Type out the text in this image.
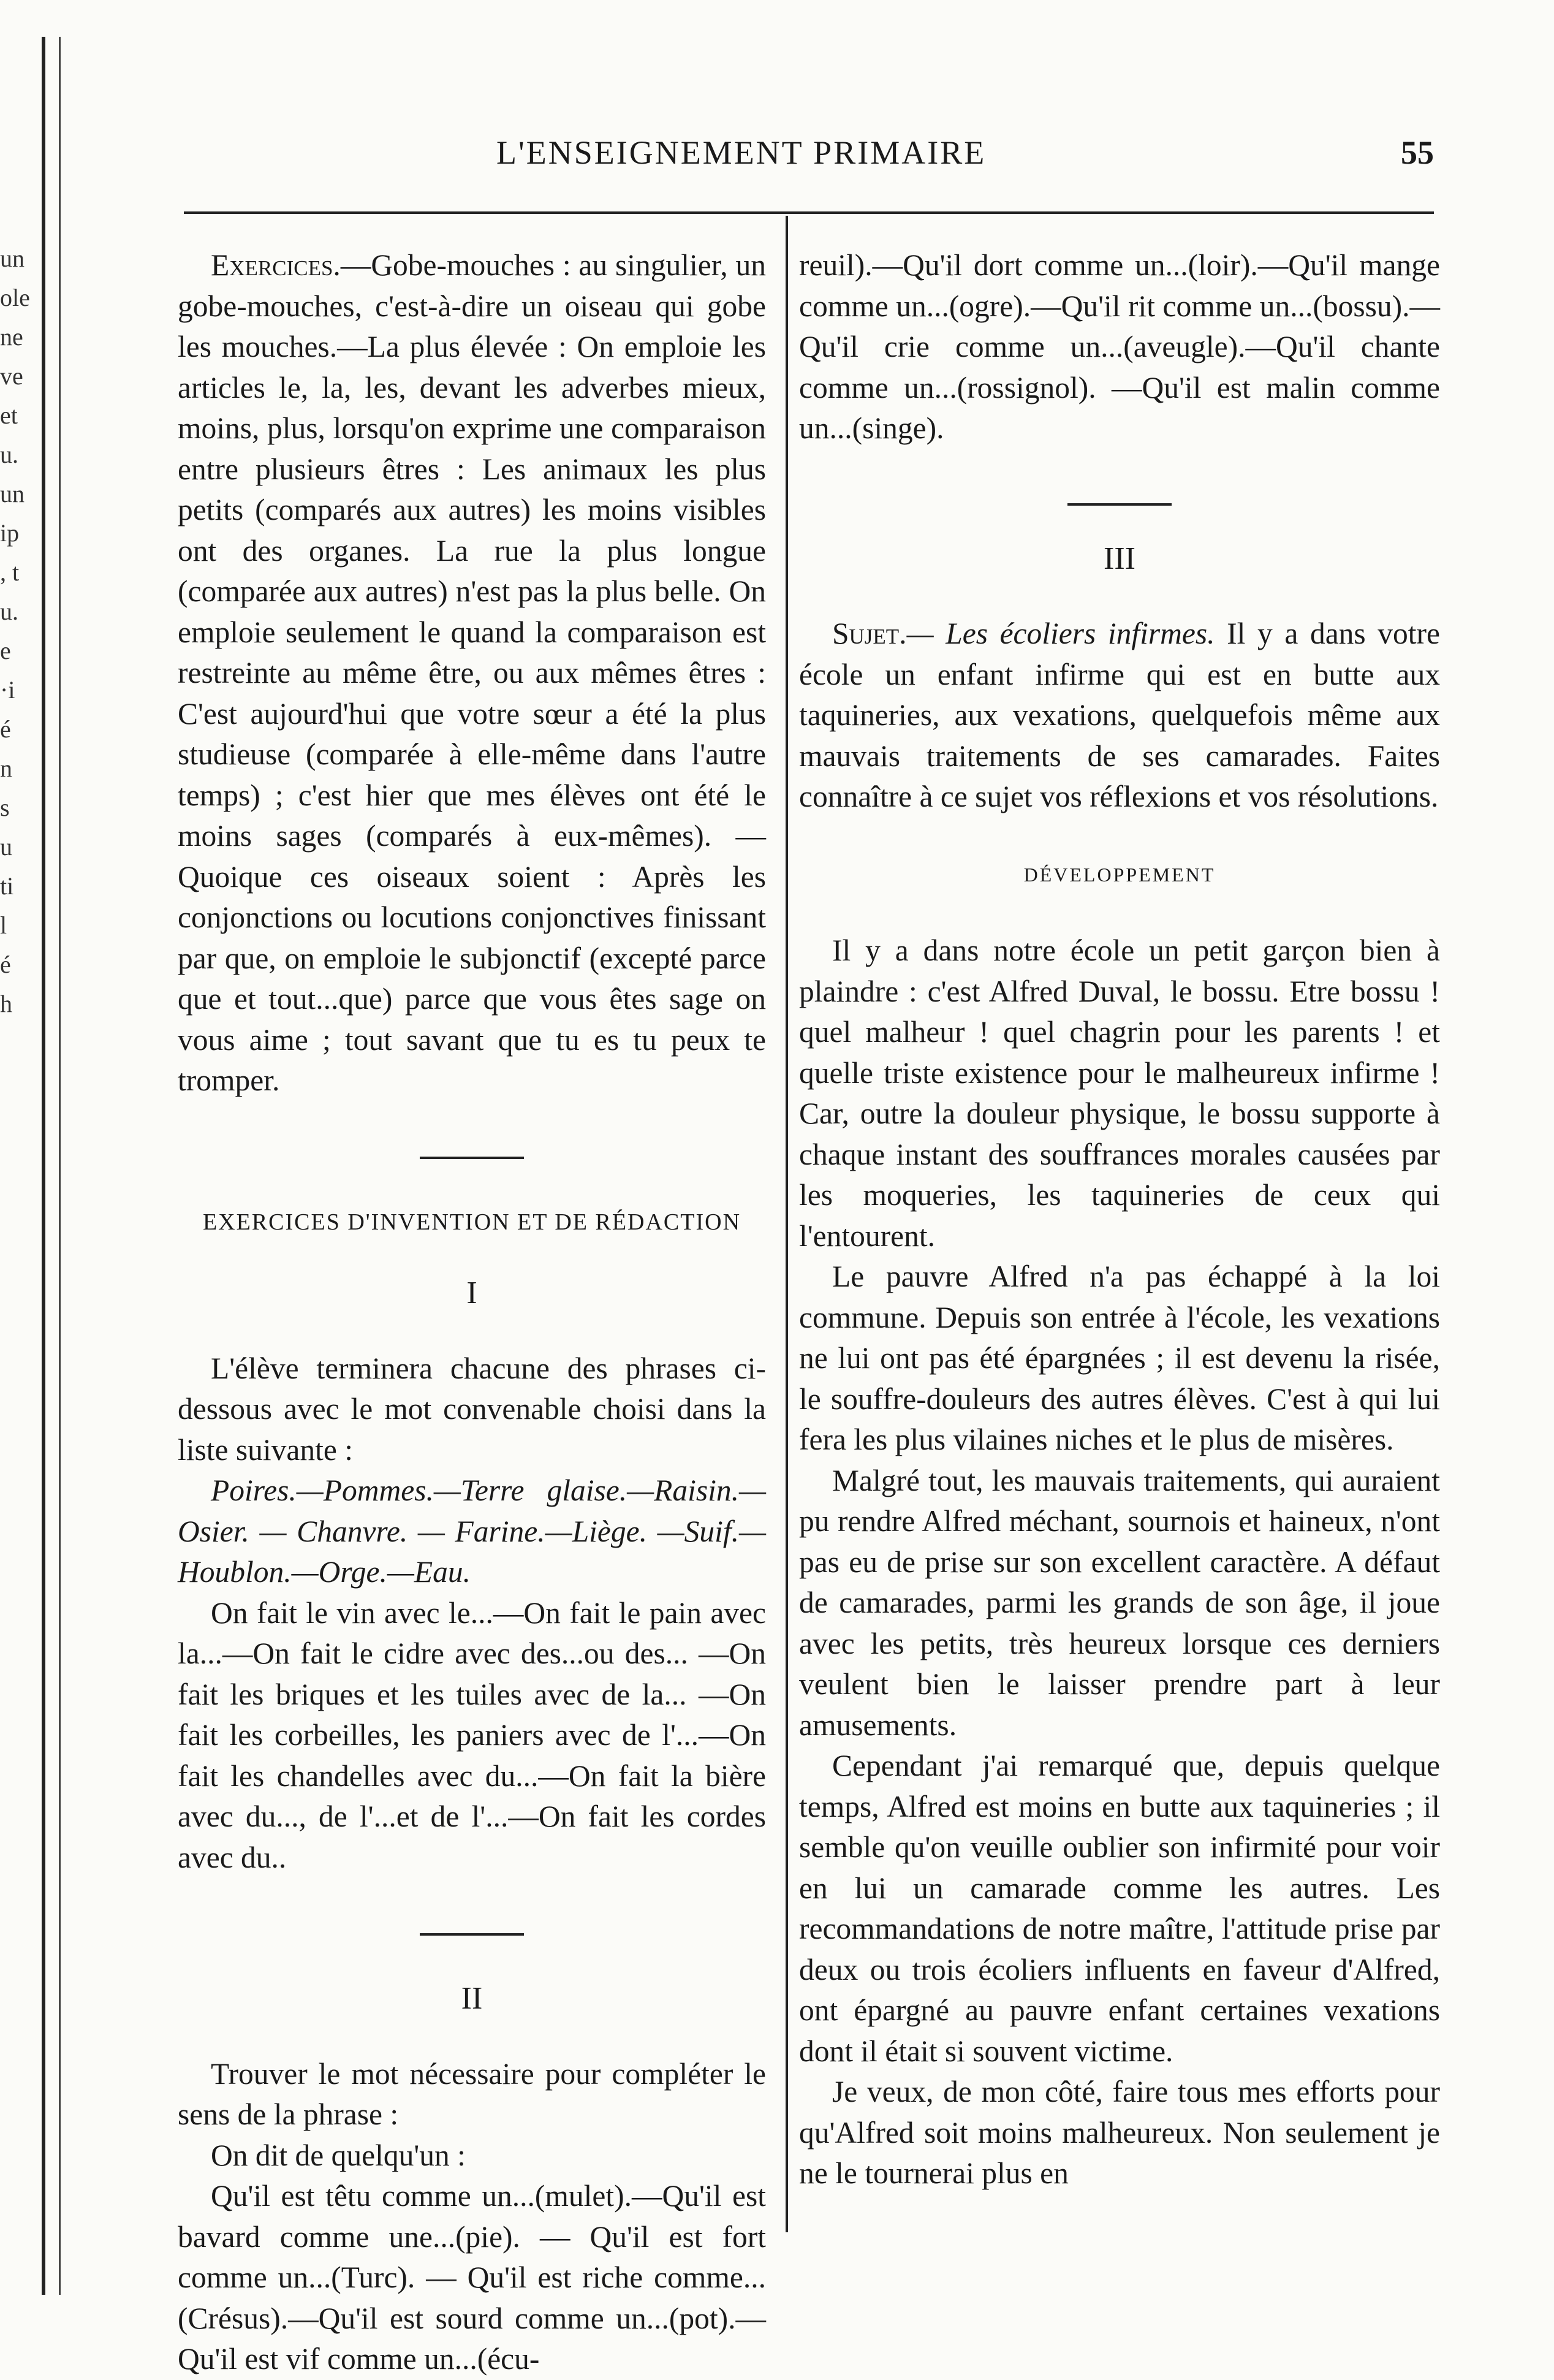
un
ole
ne
ve
et
u.
un
ip
, t
u.
e
·i
é
n
s
u
ti
l
é
h
L'ENSEIGNEMENT PRIMAIRE	55

Exercices.—Gobe-mouches : au singulier, un gobe-mouches, c'est-à-dire un oiseau qui gobe les mouches.—La plus élevée : On emploie les articles le, la, les, devant les adverbes mieux, moins, plus, lorsqu'on exprime une comparaison entre plusieurs êtres : Les animaux les plus petits (comparés aux autres) les moins visibles ont des organes. La rue la plus longue (comparée aux autres) n'est pas la plus belle. On emploie seulement le quand la comparaison est restreinte au même être, ou aux mêmes êtres : C'est aujourd'hui que votre sœur a été la plus studieuse (comparée à elle-même dans l'autre temps) ; c'est hier que mes élèves ont été le moins sages (comparés à eux-mêmes). — Quoique ces oiseaux soient : Après les conjonctions ou locutions conjonctives finissant par que, on emploie le subjonctif (excepté parce que et tout...que) parce que vous êtes sage on vous aime ; tout savant que tu es tu peux te tromper.

EXERCICES D'INVENTION ET DE RÉDACTION
I

L'élève terminera chacune des phrases ci-dessous avec le mot convenable choisi dans la liste suivante :

Poires.—Pommes.—Terre glaise.—Raisin.—Osier. — Chanvre. — Farine.—Liège. —Suif.—Houblon.—Orge.—Eau.

On fait le vin avec le...—On fait le pain avec la...—On fait le cidre avec des...ou des... —On fait les briques et les tuiles avec de la... —On fait les corbeilles, les paniers avec de l'...—On fait les chandelles avec du...—On fait la bière avec du..., de l'...et de l'...—On fait les cordes avec du..

II

Trouver le mot nécessaire pour compléter le sens de la phrase :

On dit de quelqu'un :

Qu'il est têtu comme un...(mulet).—Qu'il est bavard comme une...(pie). — Qu'il est fort comme un...(Turc). — Qu'il est riche comme...(Crésus).—Qu'il est sourd comme un...(pot).—Qu'il est vif comme un...(écu-

reuil).—Qu'il dort comme un...(loir).—Qu'il mange comme un...(ogre).—Qu'il rit comme un...(bossu).—Qu'il crie comme un...(aveugle).—Qu'il chante comme un...(rossignol). —Qu'il est malin comme un...(singe).

III

Sujet.— Les écoliers infirmes. Il y a dans votre école un enfant infirme qui est en butte aux taquineries, aux vexations, quelquefois même aux mauvais traitements de ses camarades. Faites connaître à ce sujet vos réflexions et vos résolutions.

DÉVELOPPEMENT

Il y a dans notre école un petit garçon bien à plaindre : c'est Alfred Duval, le bossu. Etre bossu ! quel malheur ! quel chagrin pour les parents ! et quelle triste existence pour le malheureux infirme ! Car, outre la douleur physique, le bossu supporte à chaque instant des souffrances morales causées par les moqueries, les taquineries de ceux qui l'entourent.

Le pauvre Alfred n'a pas échappé à la loi commune. Depuis son entrée à l'école, les vexations ne lui ont pas été épargnées ; il est devenu la risée, le souffre-douleurs des autres élèves. C'est à qui lui fera les plus vilaines niches et le plus de misères.

Malgré tout, les mauvais traitements, qui auraient pu rendre Alfred méchant, sournois et haineux, n'ont pas eu de prise sur son excellent caractère. A défaut de camarades, parmi les grands de son âge, il joue avec les petits, très heureux lorsque ces derniers veulent bien le laisser prendre part à leur amusements.

Cependant j'ai remarqué que, depuis quelque temps, Alfred est moins en butte aux taquineries ; il semble qu'on veuille oublier son infirmité pour voir en lui un camarade comme les autres. Les recommandations de notre maître, l'attitude prise par deux ou trois écoliers influents en faveur d'Alfred, ont épargné au pauvre enfant certaines vexations dont il était si souvent victime.

Je veux, de mon côté, faire tous mes efforts pour qu'Alfred soit moins malheureux. Non seulement je ne le tournerai plus en
